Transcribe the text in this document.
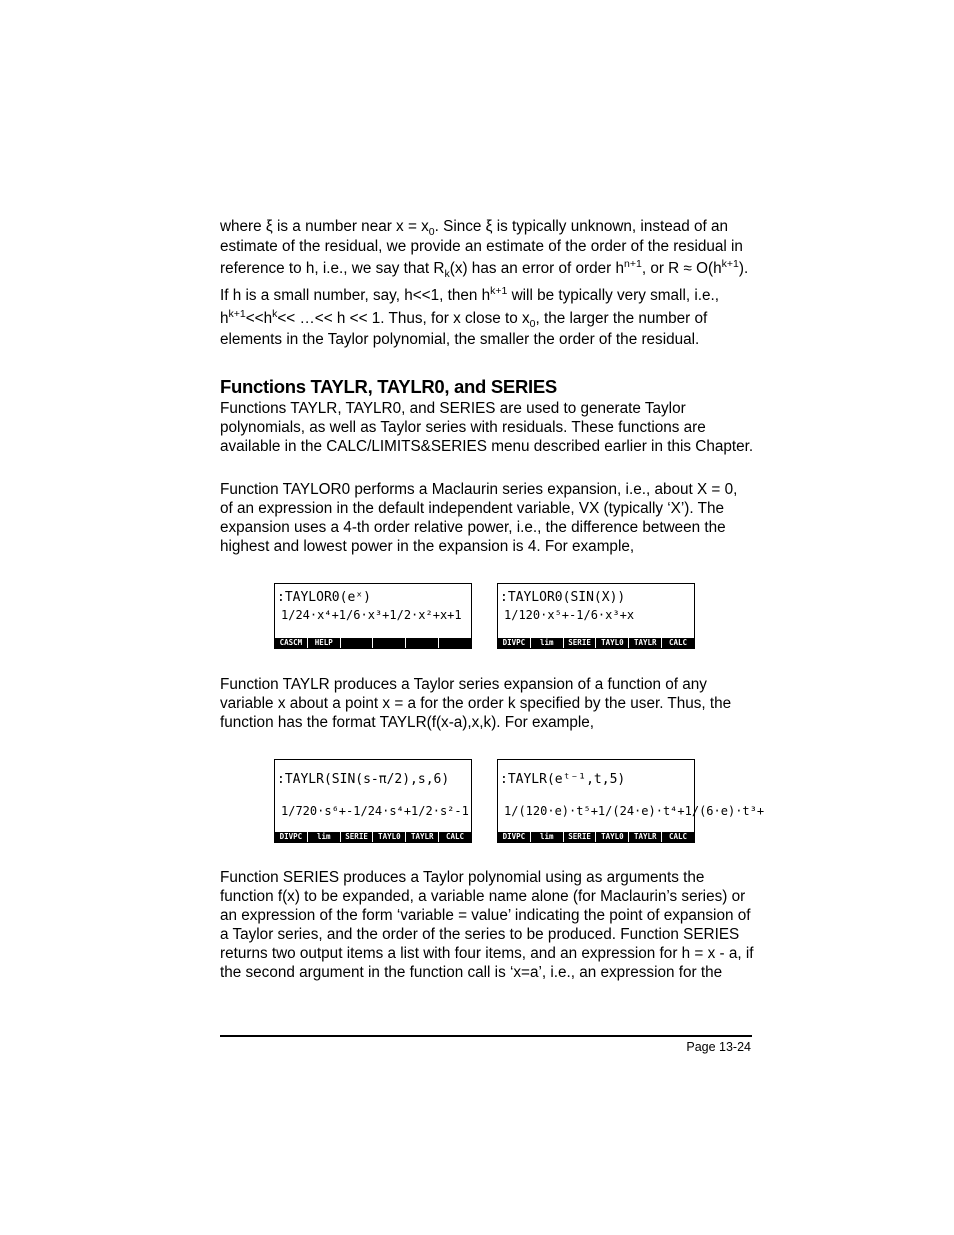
where ξ is a number near $x = x_0$. Since ξ is typically unknown, instead of an
estimate of the residual, we provide an estimate of the order of the residual in
reference to h, i.e., we say that $R_k(x)$ has an error of order $h^{n+1}$, or $R \approx O(h^{k+1})$.
If h is a small number, say, h<<1, then $h^{k+1}$ will be typically very small, i.e.,
$h^{k+1}<<h^k<<$ …<< h << 1. Thus, for x close to $x_0$, the larger the number of
elements in the Taylor polynomial, the smaller the order of the residual.
Functions TAYLR, TAYLR0, and SERIES
Functions TAYLR, TAYLR0, and SERIES are used to generate Taylor polynomials, as well as Taylor series with residuals. These functions are available in the CALC/LIMITS&SERIES menu described earlier in this Chapter.
Function TAYLOR0 performs a Maclaurin series expansion, i.e., about X = 0, of an expression in the default independent variable, VX (typically ‘X’). The expansion uses a 4-th order relative power, i.e., the difference between the highest and lowest power in the expansion is 4. For example,
:TAYLOR0(eˣ)
1/24·x⁴+1/6·x³+1/2·x²+x+1
CASCM	HELP
:TAYLOR0(SIN(X))
1/120·x⁵+-1/6·x³+x
DIVPC	lim	SERIE	TAYL0	TAYLR	CALC
Function TAYLR produces a Taylor series expansion of a function of any variable x about a point x = a for the order k specified by the user. Thus, the function has the format TAYLR(f(x-a),x,k). For example,
:TAYLR(SIN(s-π/2),s,6)
1/720·s⁶+-1/24·s⁴+1/2·s²-1
DIVPC	lim	SERIE	TAYL0	TAYLR	CALC
:TAYLR(eᵗ⁻¹,t,5)
1/(120·e)·t⁵+1/(24·e)·t⁴+1/(6·e)·t³+
DIVPC	lim	SERIE	TAYL0	TAYLR	CALC
Function SERIES produces a Taylor polynomial using as arguments the function f(x) to be expanded, a variable name alone (for Maclaurin’s series) or an expression of the form ‘variable = value’ indicating the point of expansion of a Taylor series, and the order of the series to be produced. Function SERIES returns two output items a list with four items, and an expression for h = x - a, if the second argument in the function call is ‘x=a’, i.e., an expression for the
Page 13-24
